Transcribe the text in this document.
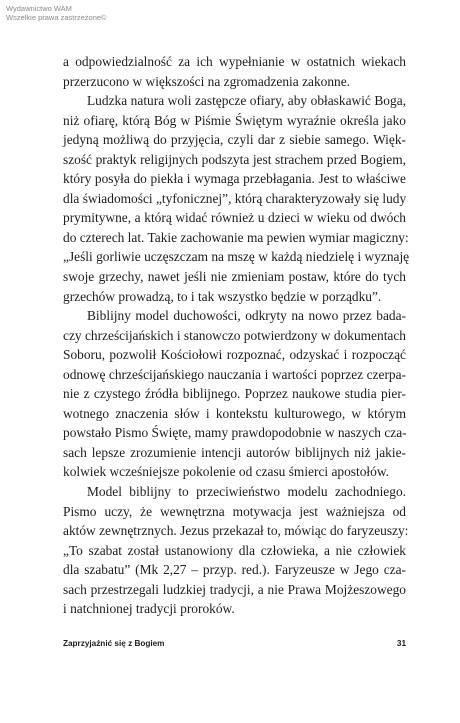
Wydawnictwo WAM
Wszelkie prawa zastrzeżone©
a odpowiedzialność za ich wypełnianie w ostatnich wiekach
przerzucono w większości na zgromadzenia zakonne.
Ludzka natura woli zastępcze ofiary, aby obłaskawić Boga,
niż ofiarę, którą Bóg w Piśmie Świętym wyraźnie określa jako
jedyną możliwą do przyjęcia, czyli dar z siebie samego. Więk-
szość praktyk religijnych podszyta jest strachem przed Bogiem,
który posyła do piekła i wymaga przebłagania. Jest to właściwe
dla świadomości „tyfonicznej”, którą charakteryzowały się ludy
prymitywne, a którą widać również u dzieci w wieku od dwóch
do czterech lat. Takie zachowanie ma pewien wymiar magiczny:
„Jeśli gorliwie uczęszczam na mszę w każdą niedzielę i wyznaję
swoje grzechy, nawet jeśli nie zmieniam postaw, które do tych
grzechów prowadzą, to i tak wszystko będzie w porządku”.
Biblijny model duchowości, odkryty na nowo przez bada-
czy chrześcijańskich i stanowczo potwierdzony w dokumentach
Soboru, pozwolił Kościołowi rozpoznać, odzyskać i rozpocząć
odnowę chrześcijańskiego nauczania i wartości poprzez czerpa-
nie z czystego źródła biblijnego. Poprzez naukowe studia pier-
wotnego znaczenia słów i kontekstu kulturowego, w którym
powstało Pismo Święte, mamy prawdopodobnie w naszych cza-
sach lepsze zrozumienie intencji autorów biblijnych niż jakie-
kolwiek wcześniejsze pokolenie od czasu śmierci apostołów.
Model biblijny to przeciwieństwo modelu zachodniego.
Pismo uczy, że wewnętrzna motywacja jest ważniejsza od
aktów zewnętrznych. Jezus przekazał to, mówiąc do faryzeuszy:
„To szabat został ustanowiony dla człowieka, a nie człowiek
dla szabatu” (Mk 2,27 – przyp. red.). Faryzeusze w Jego cza-
sach przestrzegali ludzkiej tradycji, a nie Prawa Mojżeszowego
i natchnionej tradycji proroków.
Zaprzyjaźnić się z Bogiem	31
